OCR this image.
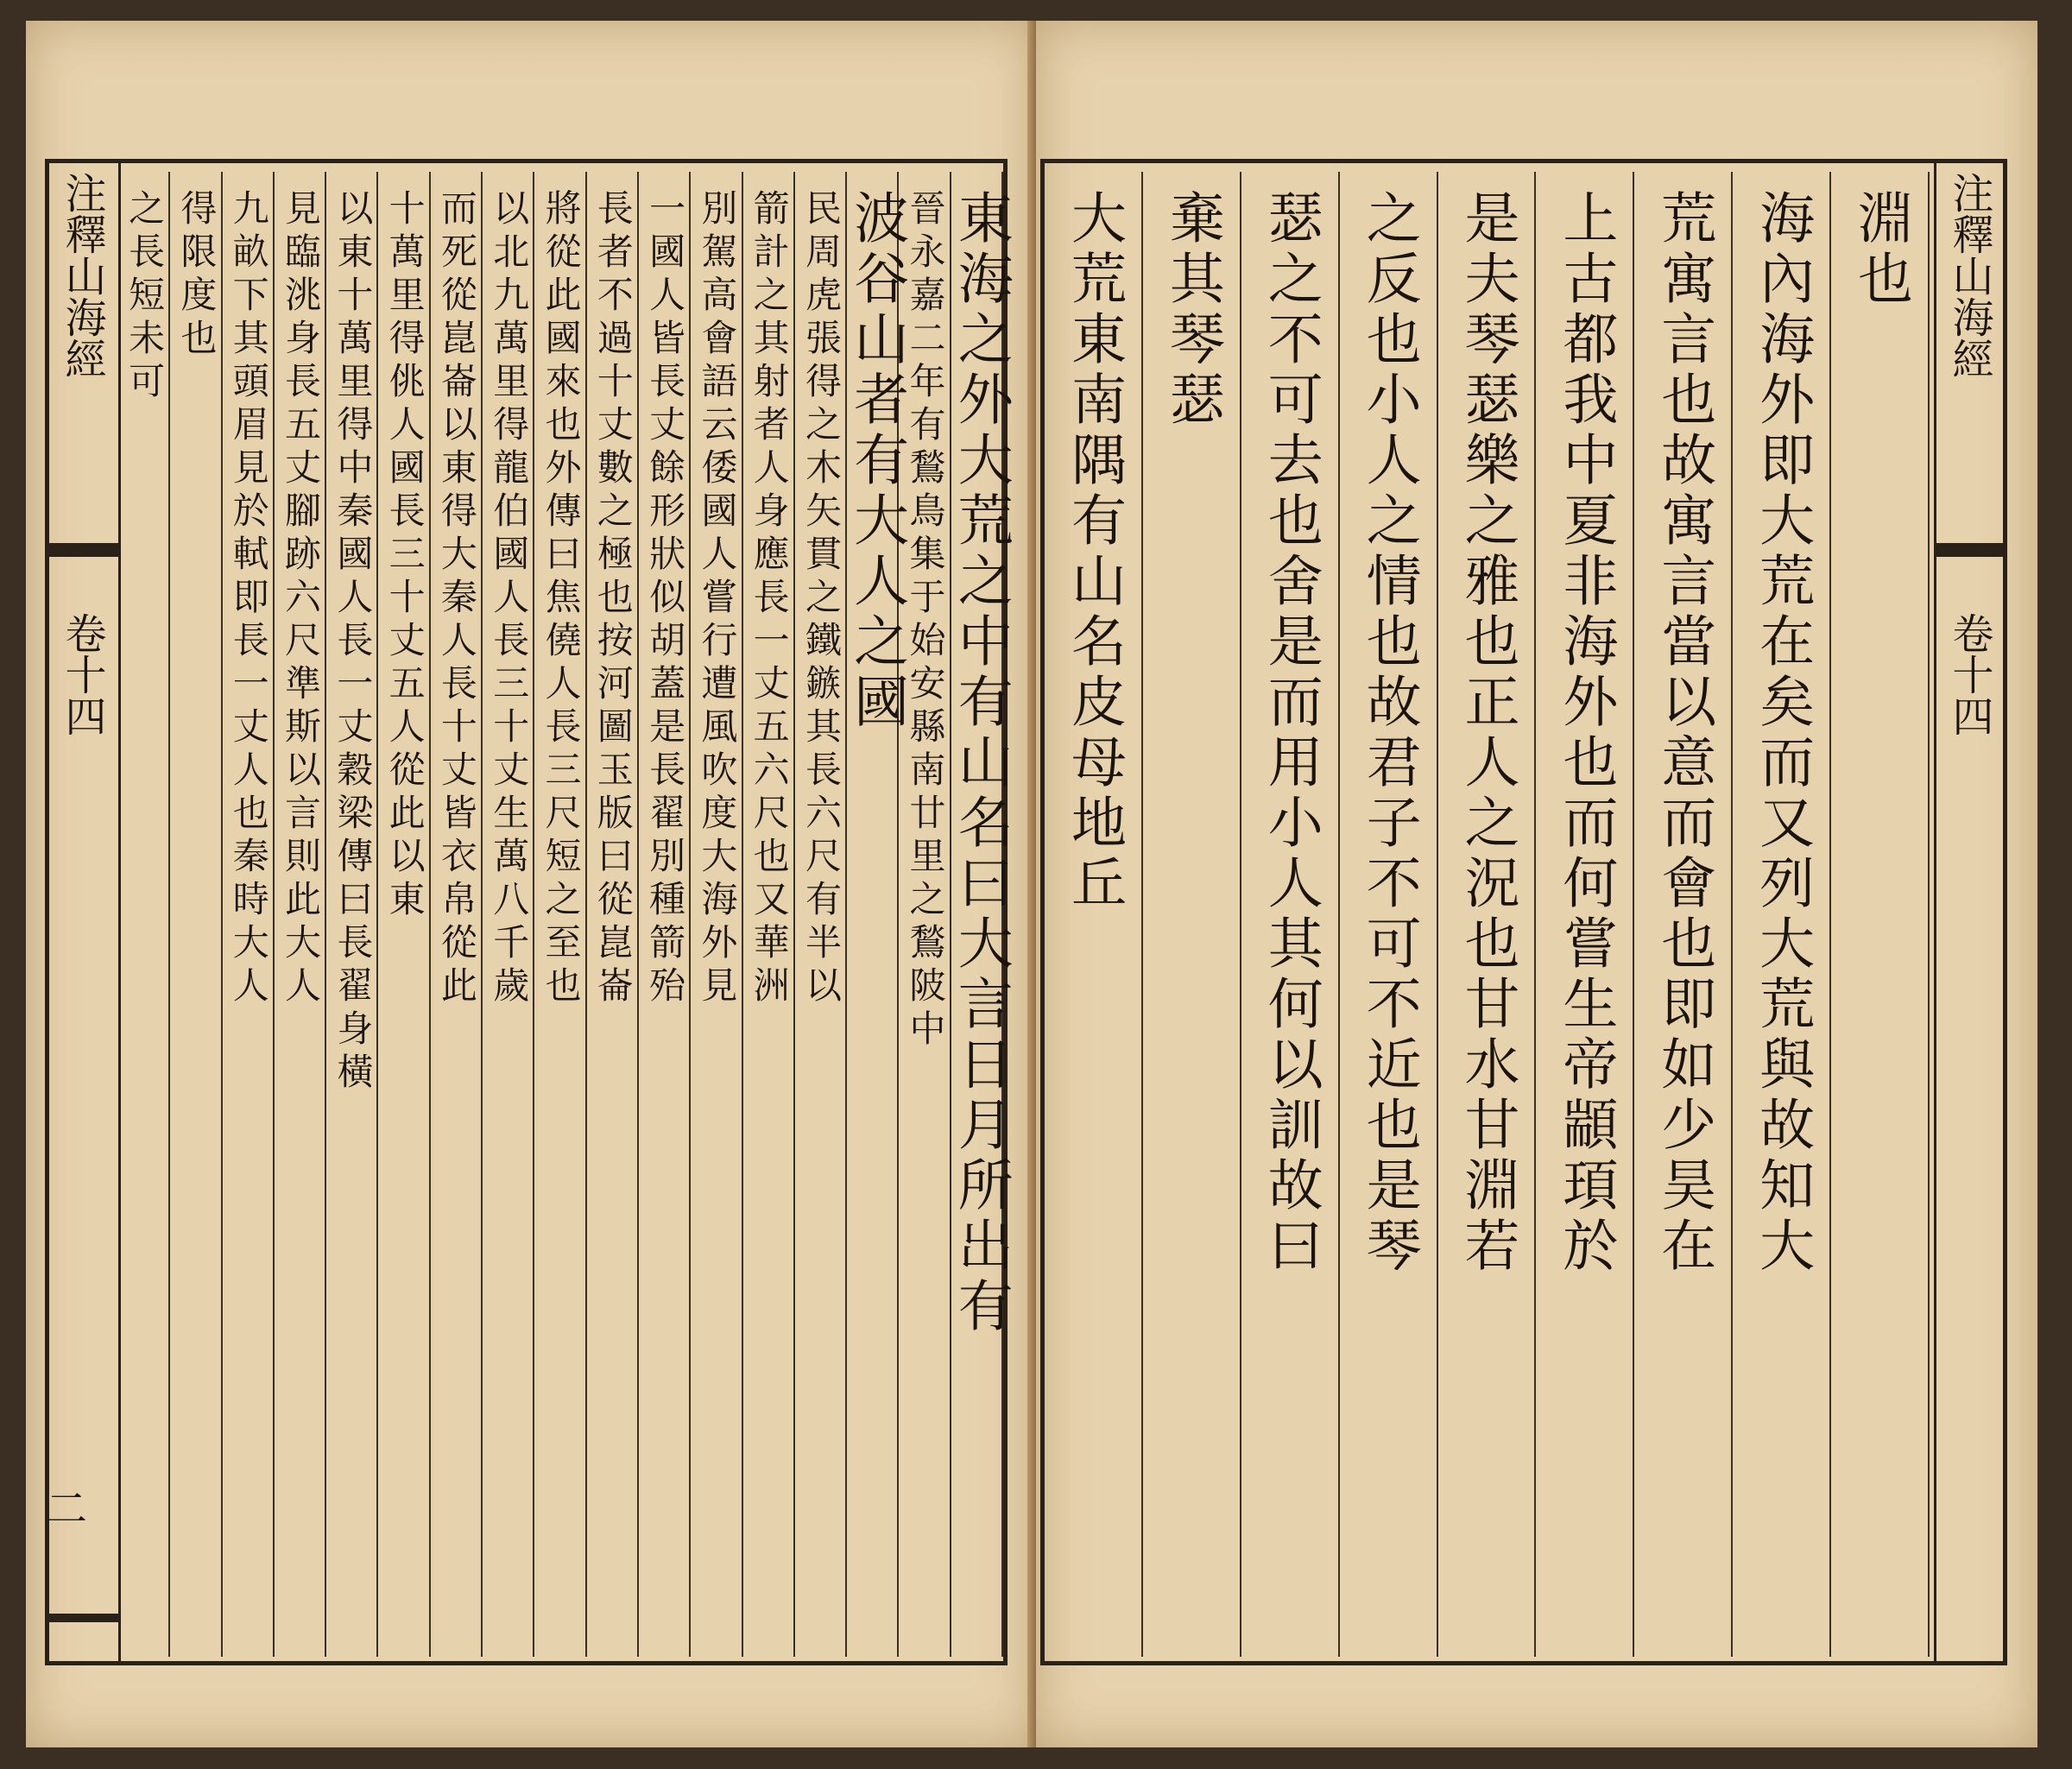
注釋山海經
卷十四
之長短未可 得限度也 九畝下其頭眉見於軾即長一丈人也秦時大人 見臨洮身長五丈腳跡六尺準斯以言則此大人 以東十萬里得中秦國人長一丈穀梁傳曰長翟身橫 十萬里得佻人國長三十丈五人從此以東 而死從崑崙以東得大秦人長十丈皆衣帛從此 以北九萬里得龍伯國人長三十丈生萬八千歲 將從此國來也外傳曰焦僥人長三尺短之至也 長者不過十丈數之極也按河圖玉版曰從崑崙 一國人皆長丈餘形狀似胡蓋是長翟別種箭殆 別駕高會語云倭國人嘗行遭風吹度大海外見 箭計之其射者人身應長一丈五六尺也又華洲 民周虎張得之木矢貫之鐵鏃其長六尺有半以 波谷山者有大人之國
晉永嘉二年有鶖鳥集于始安縣南廿里之鶖陂中 東海之外大荒之中有山名曰大言日月所出有
二
大荒東南隅有山名皮母地丘 棄其琴瑟 瑟之不可去也舍是而用小人其何以訓故曰 之反也小人之情也故君子不可不近也是琴 是夫琴瑟樂之雅也正人之況也甘水甘淵若 上古都我中夏非海外也而何嘗生帝顓頊於 荒寓言也故寓言當以意而會也即如少昊在 海內海外即大荒在矣而又列大荒與故知大 淵也 注釋山海經
卷十四
